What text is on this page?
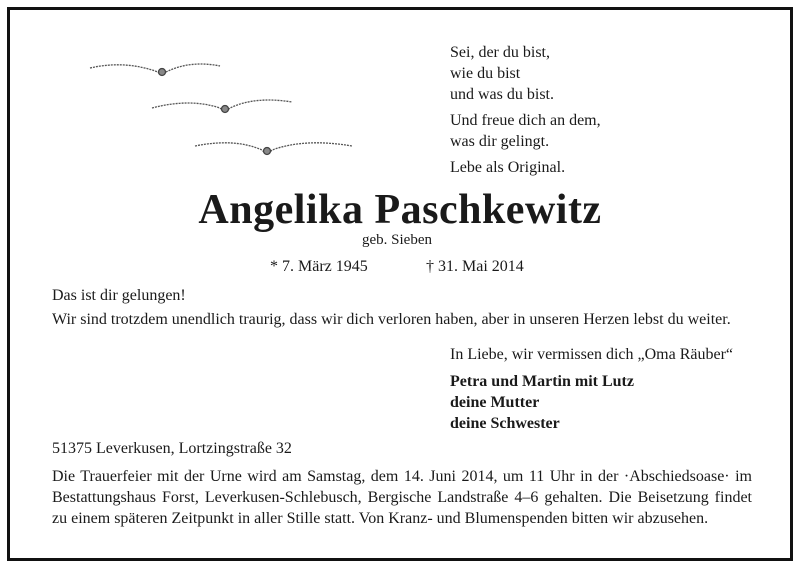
Sei, der du bist,
wie du bist
und was du bist.

Und freue dich an dem,
was dir gelingt.

Lebe als Original.

Angelika Paschkewitz
geb. Sieben
* 7. März 1945	† 31. Mai 2014
Das ist dir gelungen!
Wir sind trotzdem unendlich traurig, dass wir dich verloren haben, aber in unseren Herzen lebst du weiter.
In Liebe, wir vermissen dich „Oma Räuber“
Petra und Martin mit Lutz
deine Mutter
deine Schwester
51375 Leverkusen, Lortzingstraße 32
Die Trauerfeier mit der Urne wird am Samstag, dem 14. Juni 2014, um 11 Uhr in der ·Abschiedsoase· im
Bestattungshaus Forst, Leverkusen-Schlebusch, Bergische Landstraße 4–6 gehalten. Die Beisetzung findet
zu einem späteren Zeitpunkt in aller Stille statt. Von Kranz- und Blumenspenden bitten wir abzusehen.
